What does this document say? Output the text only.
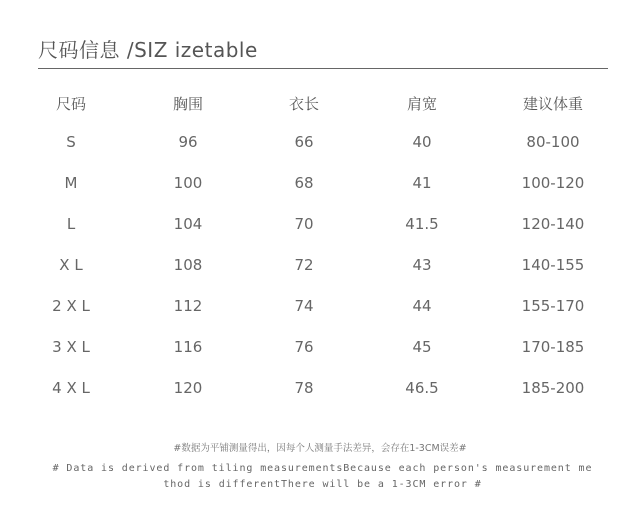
尺码信息 /SIZ izetable
尺码	胸围	衣长	肩宽	建议体重
S	96	66	40	80-100
M	100	68	41	100-120
L	104	70	41.5	120-140
X L	108	72	43	140-155
2 X L	112	74	44	155-170
3 X L	116	76	45	170-185
4 X L	120	78	46.5	185-200
#数据为平铺测量得出，因每个人测量手法差异，会存在1-3CM误差#
# Data is derived from tiling measurementsBecause each person's measurement method is differentThere will be a 1-3CM error #
